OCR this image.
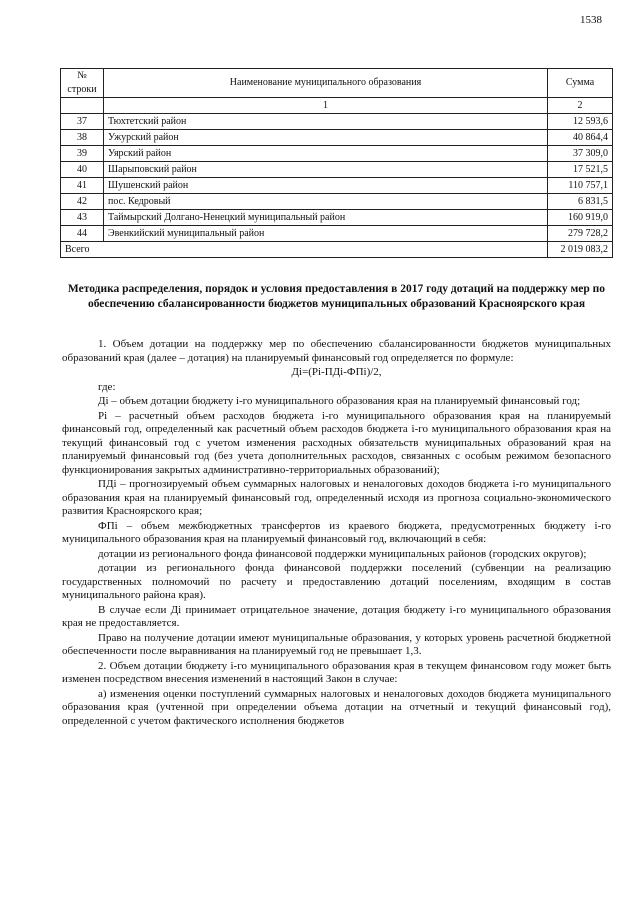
1538
№ строки	Наименование муниципального образования	Сумма
	1	2
37	Тюхтетский район	12 593,6
38	Ужурский район	40 864,4
39	Уярский район	37 309,0
40	Шарыповский район	17 521,5
41	Шушенский район	110 757,1
42	пос. Кедровый	6 831,5
43	Таймырский Долгано-Ненецкий муниципальный район	160 919,0
44	Эвенкийский муниципальный район	279 728,2
Всего		2 019 083,2
Методика распределения, порядок и условия предоставления в 2017 году дотаций на поддержку мер по обеспечению сбалансированности бюджетов муниципальных образований Красноярского края

1. Объем дотации на поддержку мер по обеспечению сбалансированности бюджетов муниципальных образований края (далее – дотация) на планируемый финансовый год определяется по формуле:

Дi=(Рi-ПДi-ФПi)/2,

где:

Дi – объем дотации бюджету i-го муниципального образования края на планируемый финансовый год;

Рi – расчетный объем расходов бюджета i-го муниципального образования края на планируемый финансовый год, определенный как расчетный объем расходов бюджета i-го муниципального образования края на текущий финансовый год с учетом изменения расходных обязательств муниципальных образований края на планируемый финансовый год (без учета дополнительных расходов, связанных с особым режимом безопасного функционирования закрытых административно-территориальных образований);

ПДi – прогнозируемый объем суммарных налоговых и неналоговых доходов бюджета i-го муниципального образования края на планируемый финансовый год, определенный исходя из прогноза социально-экономического развития Красноярского края;

ФПi – объем межбюджетных трансфертов из краевого бюджета, предусмотренных бюджету i-го муниципального образования края на планируемый финансовый год, включающий в себя:

дотации из регионального фонда финансовой поддержки муниципальных районов (городских округов);

дотации из регионального фонда финансовой поддержки поселений (субвенции на реализацию государственных полномочий по расчету и предоставлению дотаций поселениям, входящим в состав муниципального района края).

В случае если Дi принимает отрицательное значение, дотация бюджету i-го муниципального образования края не предоставляется.

Право на получение дотации имеют муниципальные образования, у которых уровень расчетной бюджетной обеспеченности после выравнивания на планируемый год не превышает 1,3.

2. Объем дотации бюджету i-го муниципального образования края в текущем финансовом году может быть изменен посредством внесения изменений в настоящий Закон в случае:

а) изменения оценки поступлений суммарных налоговых и неналоговых доходов бюджета муниципального образования края (учтенной при определении объема дотации на отчетный и текущий финансовый год), определенной с учетом фактического исполнения бюджетов
